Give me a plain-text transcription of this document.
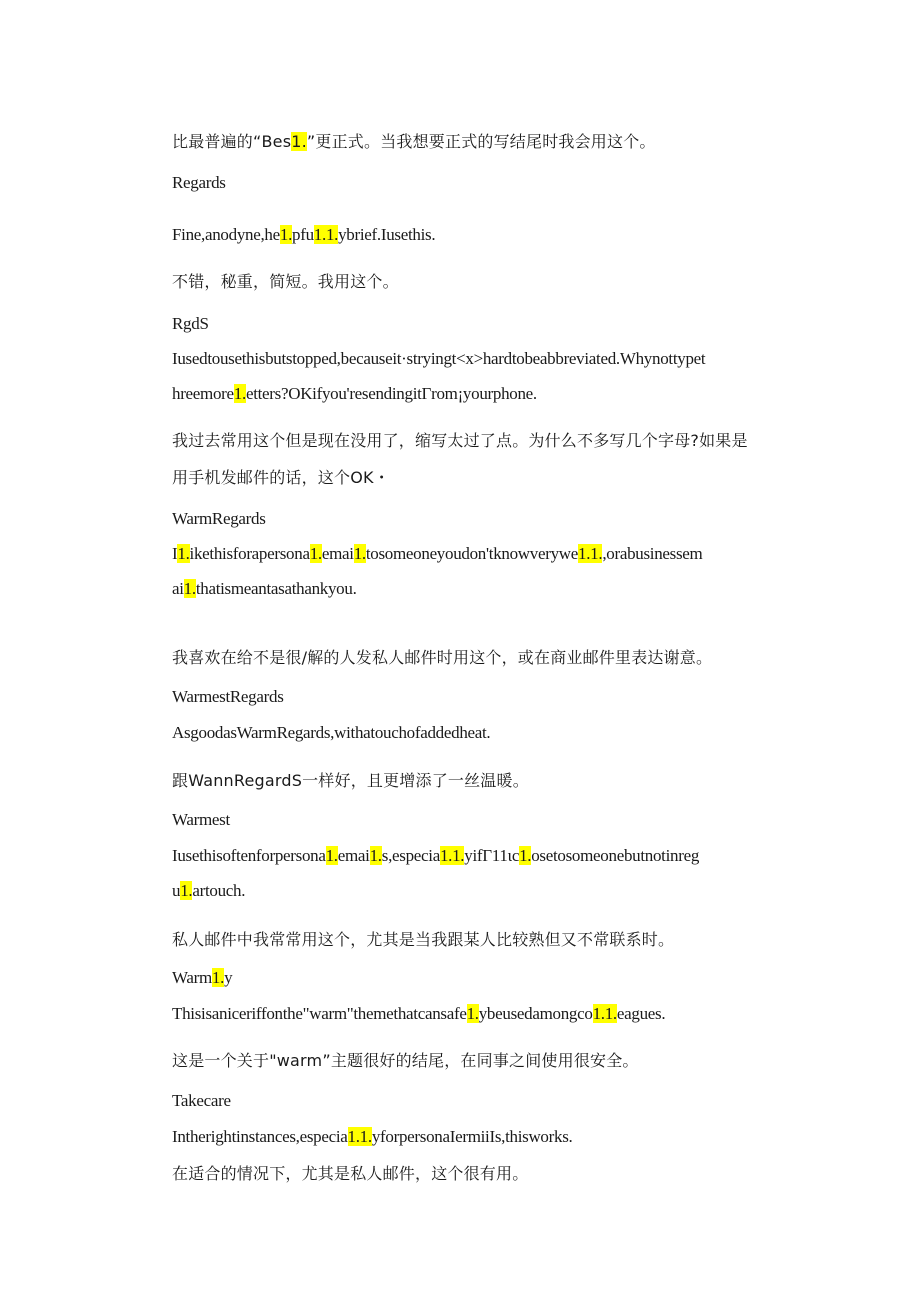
比最普遍的“Bes1.”更正式。当我想要正式的写结尾时我会用这个。
Regards
Fine,anodyne,he1.pfu1.1.ybrief.Iusethis.
不错，秘重，简短。我用这个。
RgdS
Iusedtousethisbutstopped,becauseit·stryingt<x>hardtobeabbreviated.Whynottypet
hreemore1.etters?OKifyou'resendingitΓrom¡yourphone.
我过去常用这个但是现在没用了，缩写太过了点。为什么不多写几个字母?如果是
用手机发邮件的话，这个OK・
WarmRegards
I1.ikethisforapersona1.emai1.tosomeoneyoudon'tknowverywe1.1.,orabusinessem
ai1.thatismeantasathankyou.
我喜欢在给不是很/解的人发私人邮件时用这个，或在商业邮件里表达谢意。
WarmestRegards
AsgoodasWarmRegards,withatouchofaddedheat.
跟WannRegardS一样好，且更增添了一丝温暖。
Warmest
Iusethisoftenforpersona1.emai1.s,especia1.1.yifΓ11ιc1.osetosomeonebutnotinreg
u1.artouch.
私人邮件中我常常用这个，尤其是当我跟某人比较熟但又不常联系时。
Warm1.y
Thisisaniceriffonthe"warm"themethatcansafe1.ybeusedamongco1.1.eagues.
这是一个关于"warm”主题很好的结尾，在同事之间使用很安全。
Takecare
Intherightinstances,especia1.1.yforpersonaIermiiIs,thisworks.
在适合的情况下，尤其是私人邮件，这个很有用。
